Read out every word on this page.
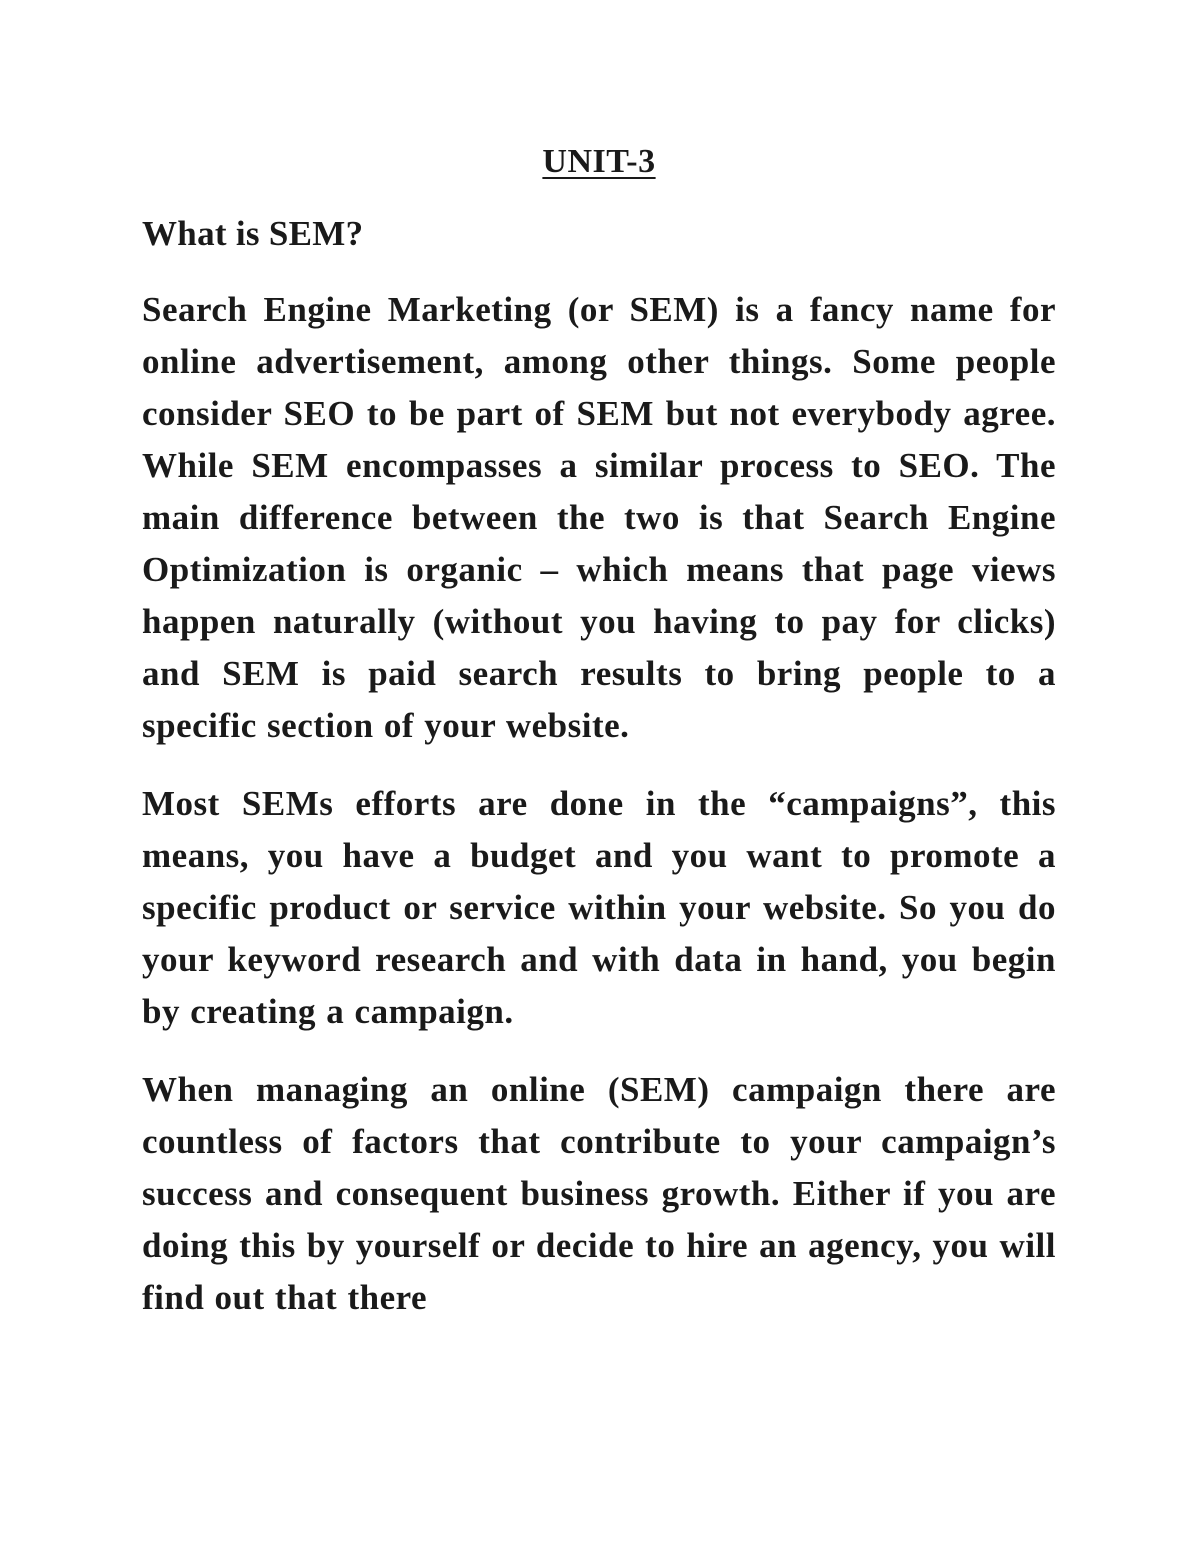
UNIT-3
What is SEM?

Search Engine Marketing (or SEM) is a fancy name for online advertisement, among other things. Some people consider SEO to be part of SEM but not everybody agree. While SEM encompasses a similar process to SEO. The main difference between the two is that Search Engine Optimization is organic – which means that page views happen naturally (without you having to pay for clicks) and SEM is paid search results to bring people to a specific section of your website.

Most SEMs efforts are done in the “campaigns”, this means, you have a budget and you want to promote a specific product or service within your website. So you do your keyword research and with data in hand, you begin by creating a campaign.

When managing an online (SEM) campaign there are countless of factors that contribute to your campaign’s success and consequent business growth. Either if you are doing this by yourself or decide to hire an agency, you will find out that there
